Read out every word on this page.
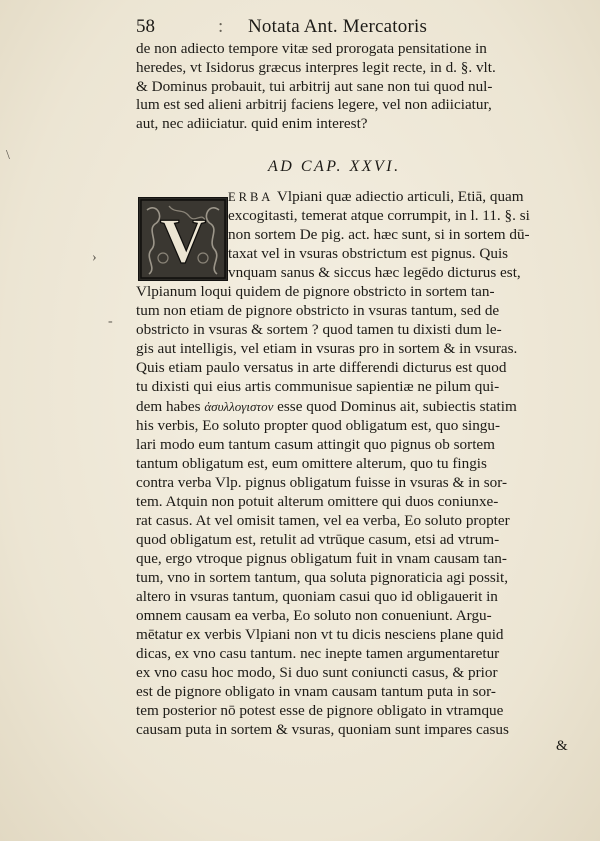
58	: Notata Ant. Mercatoris
de non adiecto tempore vitæ sed prorogata pensitatione in
heredes, vt Isidorus græcus interpres legit recte, in d. §. vlt.
& Dominus probauit, tui arbitrij aut sane non tui quod nul-
lum est sed alieni arbitrij faciens legere, vel non adiiciatur,
aut, nec adiiciatur. quid enim interest?
AD CAP. XXVI.
V
ERBA Vlpiani quæ adiectio articuli, Etiā, quam
excogitasti, temerat atque corrumpit, in l. 11. §. si
non sortem De pig. act. hæc sunt, si in sortem dū-
taxat vel in vsuras obstrictum est pignus. Quis
vnquam sanus & siccus hæc legēdo dicturus est,
Vlpianum loqui quidem de pignore obstricto in sortem tan-
tum non etiam de pignore obstricto in vsuras tantum, sed de
obstricto in vsuras & sortem ? quod tamen tu dixisti dum le-
gis aut intelligis, vel etiam in vsuras pro in sortem & in vsuras.
Quis etiam paulo versatus in arte differendi dicturus est quod
tu dixisti qui eius artis communisue sapientiæ ne pilum qui-
dem habes ἀσυλλογιστον esse quod Dominus ait, subiectis statim
his verbis, Eo soluto propter quod obligatum est, quo singu-
lari modo eum tantum casum attingit quo pignus ob sortem
tantum obligatum est, eum omittere alterum, quo tu fingis
contra verba Vlp. pignus obligatum fuisse in vsuras & in sor-
tem. Atquin non potuit alterum omittere qui duos coniunxe-
rat casus. At vel omisit tamen, vel ea verba, Eo soluto propter
quod obligatum est, retulit ad vtrūque casum, etsi ad vtrum-
que, ergo vtroque pignus obligatum fuit in vnam causam tan-
tum, vno in sortem tantum, qua soluta pignoraticia agi possit,
altero in vsuras tantum, quoniam casui quo id obligauerit in
omnem causam ea verba, Eo soluto non conueniunt. Argu-
mētatur ex verbis Vlpiani non vt tu dicis nesciens plane quid
dicas, ex vno casu tantum. nec inepte tamen argumentaretur
ex vno casu hoc modo, Si duo sunt coniuncti casus, & prior
est de pignore obligato in vnam causam tantum puta in sor-
tem posterior nō potest esse de pignore obligato in vtramque
causam puta in sortem & vsuras, quoniam sunt impares casus
&
\
›
-
